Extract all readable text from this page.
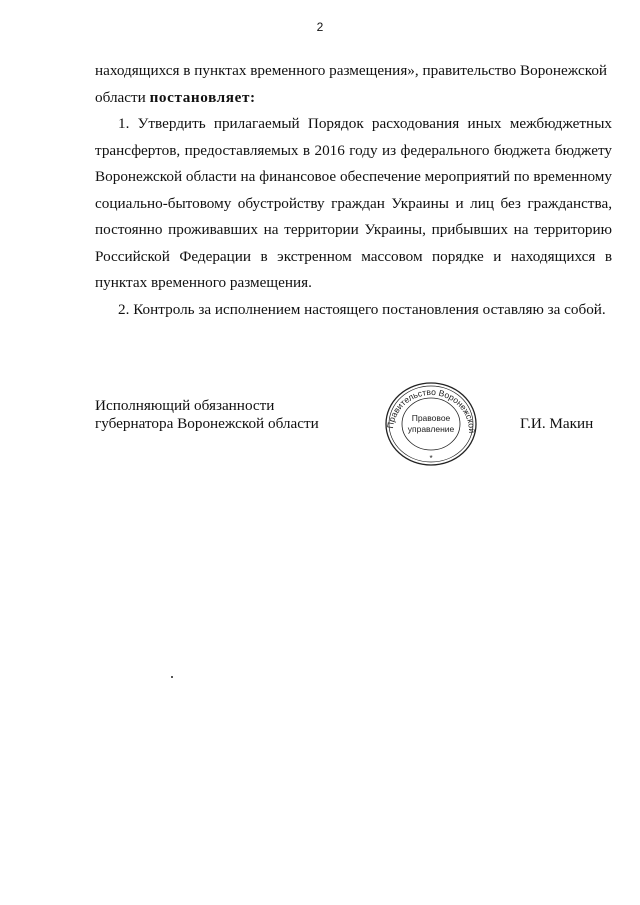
2

находящихся в пунктах временного размещения», правительство Воронежской
области постановляет:

1. Утвердить прилагаемый Порядок расходования иных межбюджетных трансфертов, предоставляемых в 2016 году из федерального бюджета бюджету Воронежской области на финансовое обеспечение мероприятий по временному социально-бытовому обустройству граждан Украины и лиц без гражданства, постоянно проживавших на территории Украины, прибывших на территорию Российской Федерации в экстренном массовом порядке и находящихся в пунктах временного размещения.

2. Контроль за исполнением настоящего постановления оставляю за собой.

Исполняющий обязанности
губернатора Воронежской области	Правительство Воронежской
Правовое
управление
*
Г.И. Макин
